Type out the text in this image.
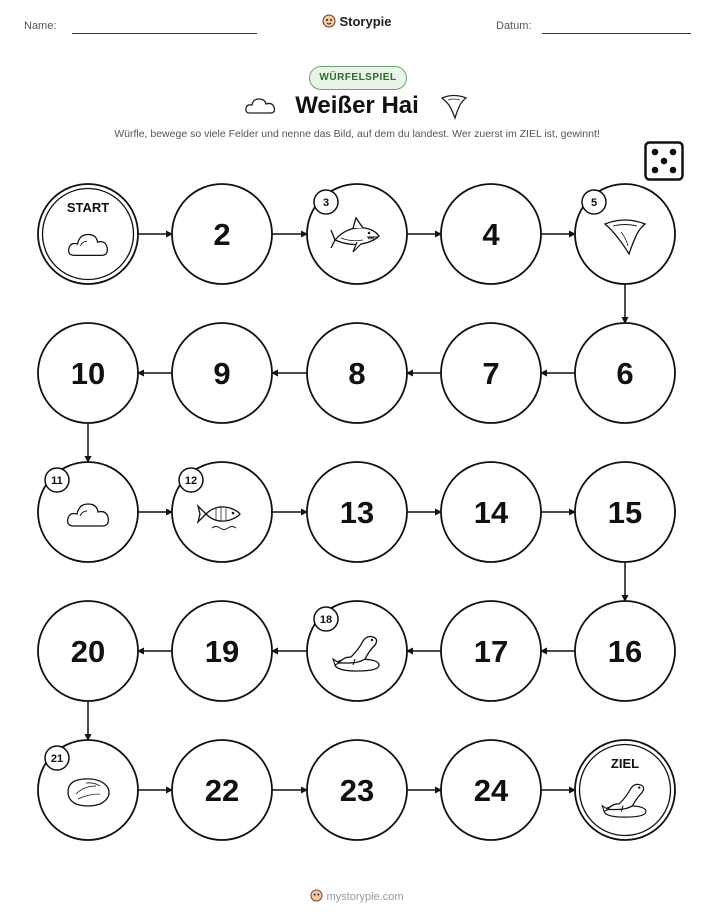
Name:	Storypie	Datum:
WÜRFELSPIEL
Weißer Hai
Würfle, bewege so viele Felder und nenne das Bild, auf dem du landest. Wer zuerst im ZIEL ist, gewinnt!
START
2
3
4
5
6
7
8
9
10
11	12
13	14	15
16
17
18
19
20
21
22	23	24
ZIEL
mystorypie.com
